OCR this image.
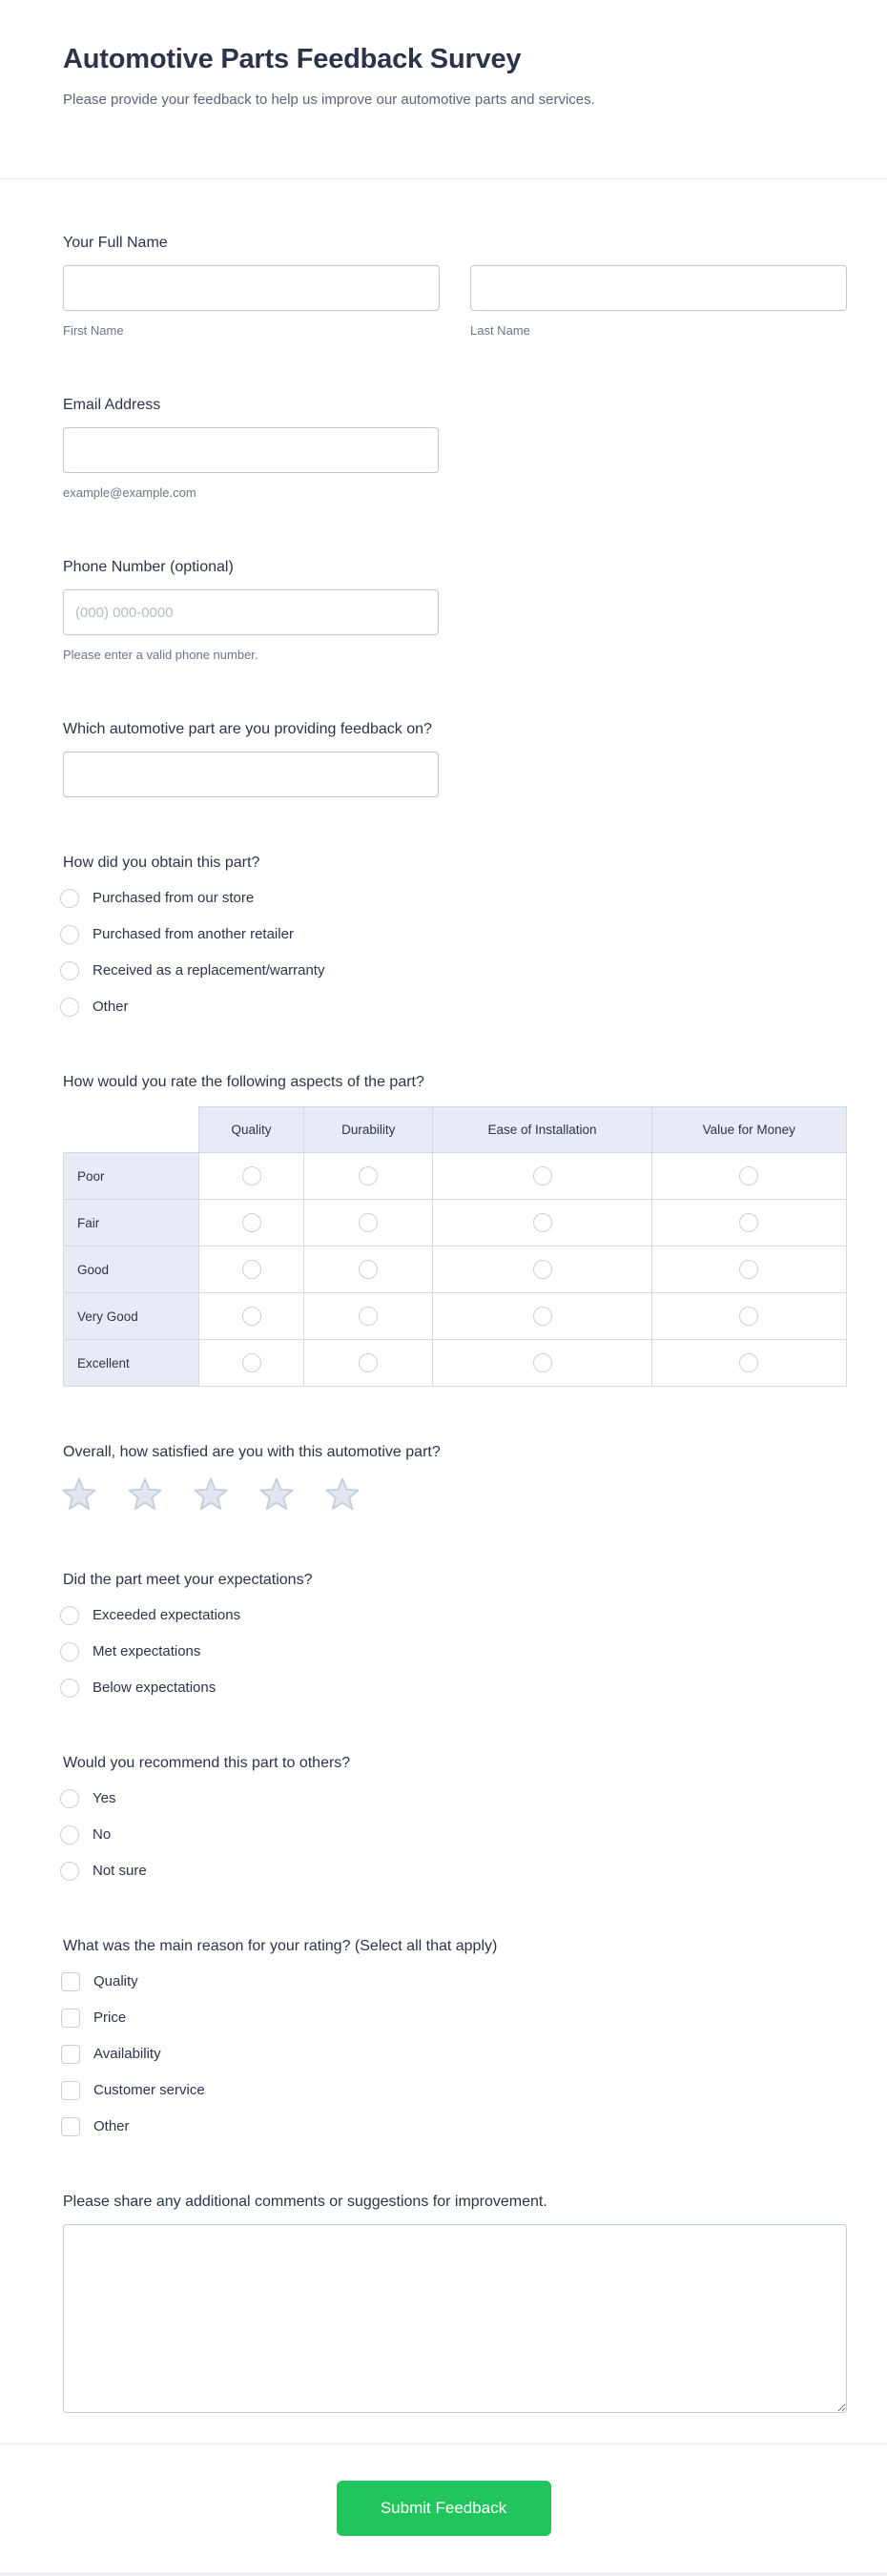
Automotive Parts Feedback Survey
Please provide your feedback to help us improve our automotive parts and services.
Your Full Name
First Name	Last Name
Email Address
example@example.com
Phone Number (optional)
(000) 000-0000
Please enter a valid phone number.
Which automotive part are you providing feedback on?
How did you obtain this part?
Purchased from our store
Purchased from another retailer
Received as a replacement/warranty
Other
How would you rate the following aspects of the part?
	Quality	Durability	Ease of Installation	Value for Money
Poor				
Fair				
Good				
Very Good				
Excellent				
Overall, how satisfied are you with this automotive part?
Did the part meet your expectations?
Exceeded expectations
Met expectations
Below expectations
Would you recommend this part to others?
Yes
No
Not sure
What was the main reason for your rating? (Select all that apply)
Quality
Price
Availability
Customer service
Other
Please share any additional comments or suggestions for improvement.
Submit Feedback
